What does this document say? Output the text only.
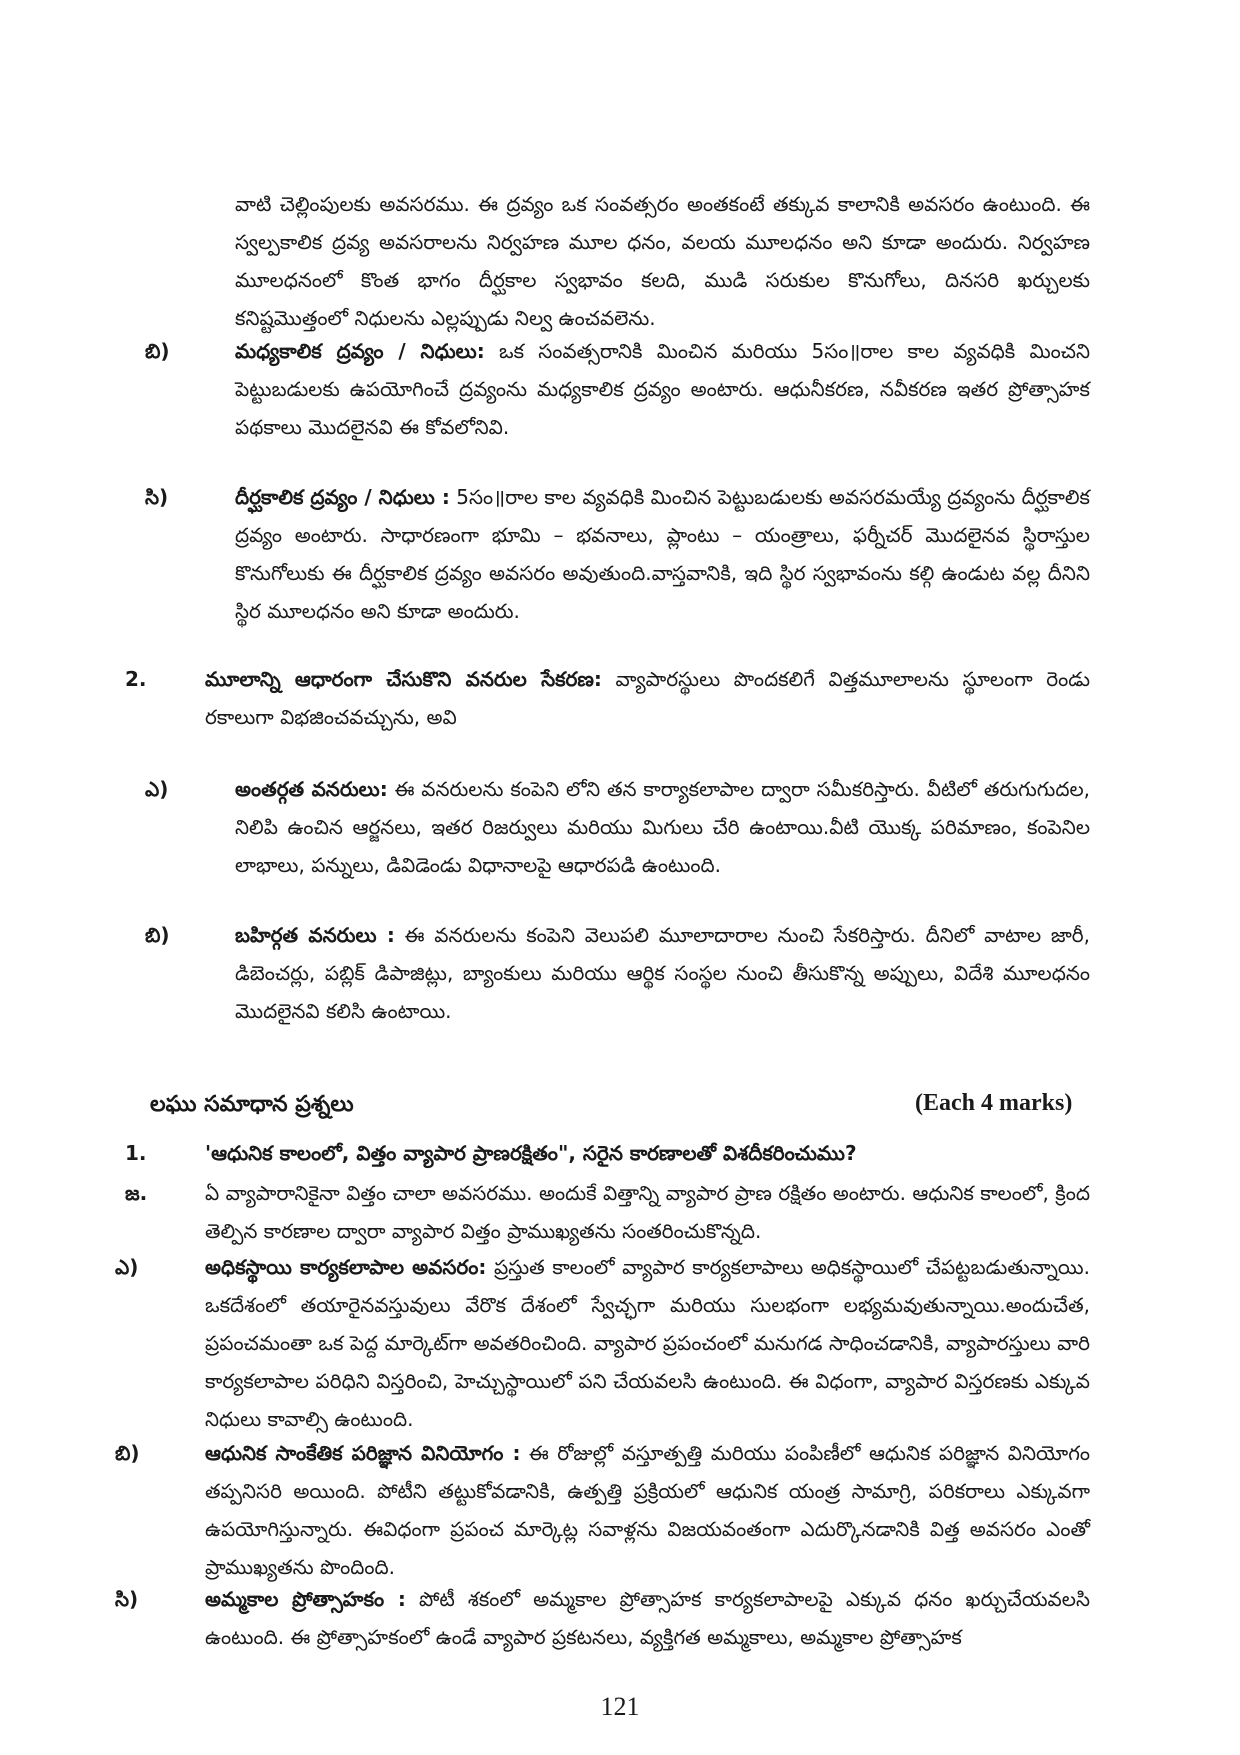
వాటి చెల్లింపులకు అవసరము. ఈ ద్రవ్యం ఒక సంవత్సరం అంతకంటే తక్కువ కాలానికి అవసరం ఉంటుంది. ఈ స్వల్పకాలిక ద్రవ్య అవసరాలను నిర్వహణ మూల ధనం, వలయ మూలధనం అని కూడా అందురు. నిర్వహణ మూలధనంలో కొంత భాగం దీర్ఘకాల స్వభావం కలది, ముడి సరుకుల కొనుగోలు, దినసరి ఖర్చులకు కనిష్టమొత్తంలో నిధులను ఎల్లప్పుడు నిల్వ ఉంచవలెను.

బి)	మధ్యకాలిక ద్రవ్యం / నిధులు: ఒక సంవత్సరానికి మించిన మరియు 5సం॥రాల కాల వ్యవధికి మించని పెట్టుబడులకు ఉపయోగించే ద్రవ్యంను మధ్యకాలిక ద్రవ్యం అంటారు. ఆధునీకరణ, నవీకరణ ఇతర ప్రోత్సాహక పథకాలు మొదలైనవి ఈ కోవలోనివి.

సి)	దీర్ఘకాలిక ద్రవ్యం / నిధులు : 5సం॥రాల కాల వ్యవధికి మించిన పెట్టుబడులకు అవసరమయ్యే ద్రవ్యంను దీర్ఘకాలిక ద్రవ్యం అంటారు. సాధారణంగా భూమి – భవనాలు, ప్లాంటు – యంత్రాలు, ఫర్నీచర్ మొదలైనవ స్థిరాస్తుల కొనుగోలుకు ఈ దీర్ఘకాలిక ద్రవ్యం అవసరం అవుతుంది.వాస్తవానికి, ఇది స్థిర స్వభావంను కల్గి ఉండుట వల్ల దీనిని స్థిర మూలధనం అని కూడా అందురు.

2.	మూలాన్ని ఆధారంగా చేసుకొని వనరుల సేకరణ: వ్యాపారస్థులు పొందకలిగే విత్తమూలాలను స్థూలంగా రెండు రకాలుగా విభజించవచ్చును, అవి

ఎ)	అంతర్గత వనరులు: ఈ వనరులను కంపెని లోని తన కార్యాకలాపాల ద్వారా సమీకరిస్తారు. వీటిలో తరుగుగుదల, నిలిపి ఉంచిన ఆర్జనలు, ఇతర రిజర్వులు మరియు మిగులు చేరి ఉంటాయి.వీటి యొక్క పరిమాణం, కంపెనిల లాభాలు, పన్నులు, డివిడెండు విధానాలపై ఆధారపడి ఉంటుంది.

బి)	బహిర్గత వనరులు : ఈ వనరులను కంపెని వెలుపలి మూలాదారాల నుంచి సేకరిస్తారు. దీనిలో వాటాల జారీ, డిబెంచర్లు, పబ్లిక్ డిపాజిట్లు, బ్యాంకులు మరియు ఆర్థిక సంస్థల నుంచి తీసుకొన్న అప్పులు, విదేశి మూలధనం మొదలైనవి కలిసి ఉంటాయి.

లఘు సమాధాన ప్రశ్నలు	(Each 4 marks)

1.	'ఆధునిక కాలంలో, విత్తం వ్యాపార ప్రాణరక్షితం", సరైన కారణాలతో విశదీకరించుము?

జ.	ఏ వ్యాపారానికైనా విత్తం చాలా అవసరము. అందుకే విత్తాన్ని వ్యాపార ప్రాణ రక్షితం అంటారు. ఆధునిక కాలంలో, క్రింద తెల్పిన కారణాల ద్వారా వ్యాపార విత్తం ప్రాముఖ్యతను సంతరించుకొన్నది.

ఎ)	అధికస్థాయి కార్యకలాపాల అవసరం: ప్రస్తుత కాలంలో వ్యాపార కార్యకలాపాలు అధికస్థాయిలో చేపట్టబడుతున్నాయి. ఒకదేశంలో తయారైనవస్తువులు వేరొక దేశంలో స్వేచ్ఛగా మరియు సులభంగా లభ్యమవుతున్నాయి.అందుచేత, ప్రపంచమంతా ఒక పెద్ద మార్కెట్‌గా అవతరించింది. వ్యాపార ప్రపంచంలో మనుగడ సాధించడానికి, వ్యాపారస్తులు వారి కార్యకలాపాల పరిధిని విస్తరించి, హెచ్చుస్థాయిలో పని చేయవలసి ఉంటుంది. ఈ విధంగా, వ్యాపార విస్తరణకు ఎక్కువ నిధులు కావాల్సి ఉంటుంది.

బి)	ఆధునిక సాంకేతిక పరిజ్ఞాన వినియోగం : ఈ రోజుల్లో వస్తూత్పత్తి మరియు పంపిణీలో ఆధునిక పరిజ్ఞాన వినియోగం తప్పనిసరి అయింది. పోటీని తట్టుకోవడానికి, ఉత్పత్తి ప్రక్రియలో ఆధునిక యంత్ర సామాగ్రి, పరికరాలు ఎక్కువగా ఉపయోగిస్తున్నారు. ఈవిధంగా ప్రపంచ మార్కెట్ల సవాళ్లను విజయవంతంగా ఎదుర్కొనడానికి విత్త అవసరం ఎంతో ప్రాముఖ్యతను పొందింది.

సి)	అమ్మకాల ప్రోత్సాహకం : పోటీ శకంలో అమ్మకాల ప్రోత్సాహక కార్యకలాపాలపై ఎక్కువ ధనం ఖర్చుచేయవలసి ఉంటుంది. ఈ ప్రోత్సాహకంలో ఉండే వ్యాపార ప్రకటనలు, వ్యక్తిగత అమ్మకాలు, అమ్మకాల ప్రోత్సాహక

121
